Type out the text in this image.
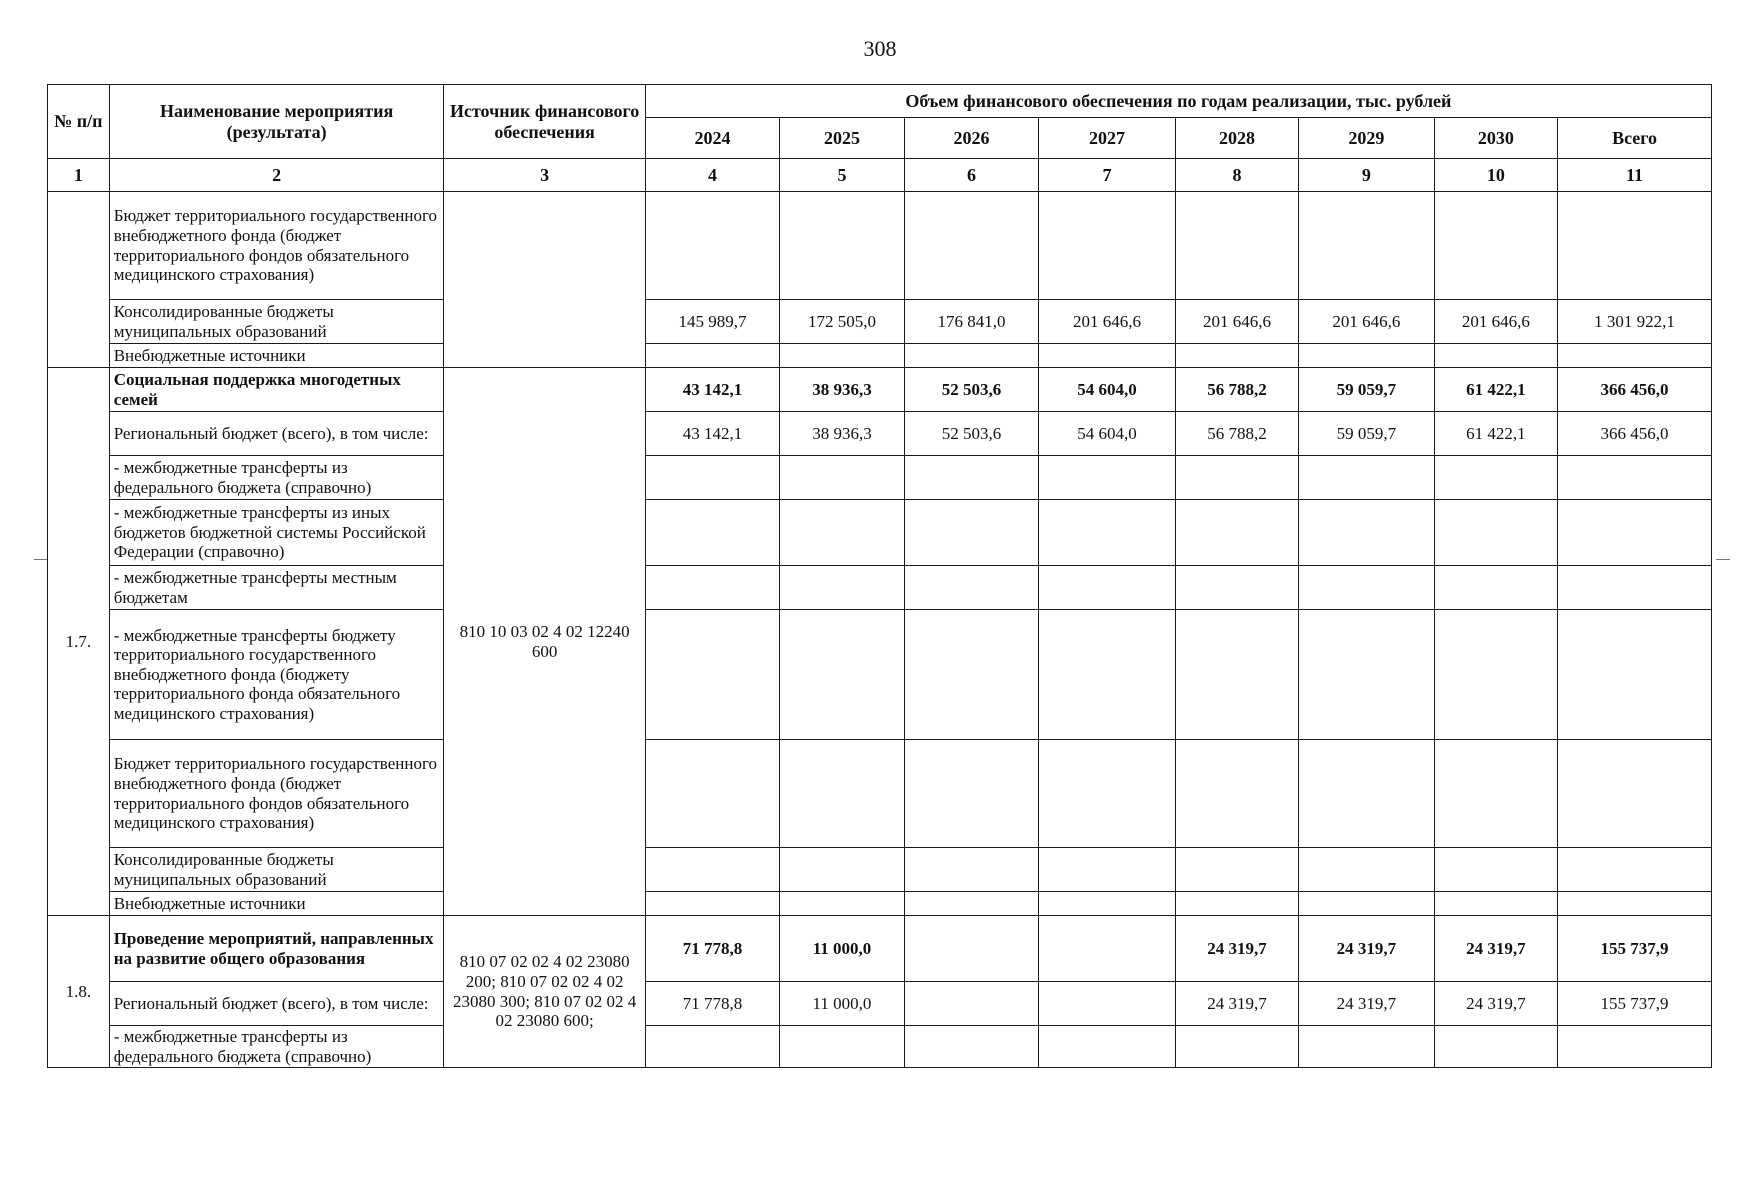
308
№ п/п	Наименование мероприятия (результата)	Источник финансового обеспечения	Объем финансового обеспечения по годам реализации, тыс. рублей							
			2024	2025	2026	2027	2028	2029	2030	Всего
1	2	3	4	5	6	7	8	9	10	11
	Бюджет территориального государственного внебюджетного фонда (бюджет территориального фондов обязательного медицинского страхования)									
	Консолидированные бюджеты муниципальных образований		145 989,7	172 505,0	176 841,0	201 646,6	201 646,6	201 646,6	201 646,6	1 301 922,1
	Внебюджетные источники									
1.7.	Социальная поддержка многодетных семей	810 10 03 02 4 02 12240 600	43 142,1	38 936,3	52 503,6	54 604,0	56 788,2	59 059,7	61 422,1	366 456,0
	Региональный бюджет (всего), в том числе:		43 142,1	38 936,3	52 503,6	54 604,0	56 788,2	59 059,7	61 422,1	366 456,0
	- межбюджетные трансферты из федерального бюджета (справочно)									
	- межбюджетные трансферты из иных бюджетов бюджетной системы Российской Федерации (справочно)									
	- межбюджетные трансферты местным бюджетам									
	- межбюджетные трансферты бюджету территориального государственного внебюджетного фонда (бюджету территориального фонда обязательного медицинского страхования)									
	Бюджет территориального государственного внебюджетного фонда (бюджет территориального фондов обязательного медицинского страхования)									
	Консолидированные бюджеты муниципальных образований									
	Внебюджетные источники									
1.8.	Проведение мероприятий, направленных на развитие общего образования	810 07 02 02 4 02 23080 200; 810 07 02 02 4 02 23080 300; 810 07 02 02 4 02 23080 600;	71 778,8	11 000,0			24 319,7	24 319,7	24 319,7	155 737,9
	Региональный бюджет (всего), в том числе:		71 778,8	11 000,0			24 319,7	24 319,7	24 319,7	155 737,9
	- межбюджетные трансферты из федерального бюджета (справочно)									
